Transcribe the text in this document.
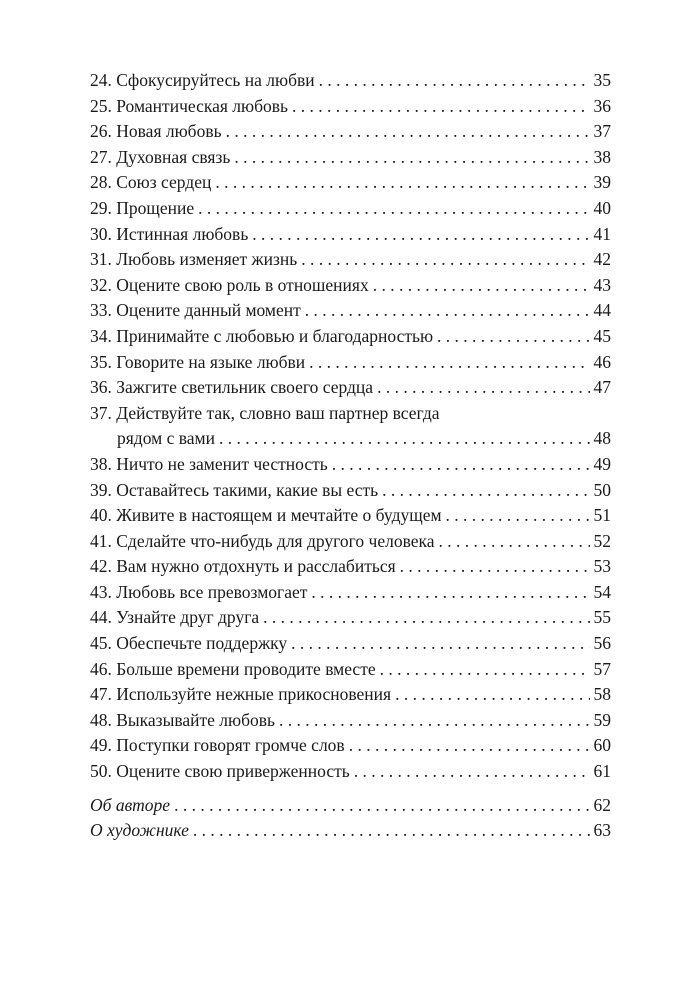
24. Сфокусируйтесь на любви . . .	35
25. Романтическая любовь . . .	36
26. Новая любовь . . .	37
27. Духовная связь . . .	38
28. Союз сердец . . .	39
29. Прощение . . .	40
30. Истинная любовь . . .	41
31. Любовь изменяет жизнь . . .	42
32. Оцените свою роль в отношениях . . .	43
33. Оцените данный момент . . .	44
34. Принимайте с любовью и благодарностью . . .	45
35. Говорите на языке любви . . .	46
36. Зажгите светильник своего сердца . . .	47
37. Действуйте так, словно ваш партнер всегда
рядом с вами . . .	48
38. Ничто не заменит честность . . .	49
39. Оставайтесь такими, какие вы есть . . .	50
40. Живите в настоящем и мечтайте о будущем . . .	51
41. Сделайте что-нибудь для другого человека . . .	52
42. Вам нужно отдохнуть и расслабиться . . .	53
43. Любовь все превозмогает . . .	54
44. Узнайте друг друга . . .	55
45. Обеспечьте поддержку . . .	56
46. Больше времени проводите вместе . . .	57
47. Используйте нежные прикосновения . . .	58
48. Выказывайте любовь . . .	59
49. Поступки говорят громче слов . . .	60
50. Оцените свою приверженность . . .	61
Об авторе . . .	62
О художнике . . .	63
